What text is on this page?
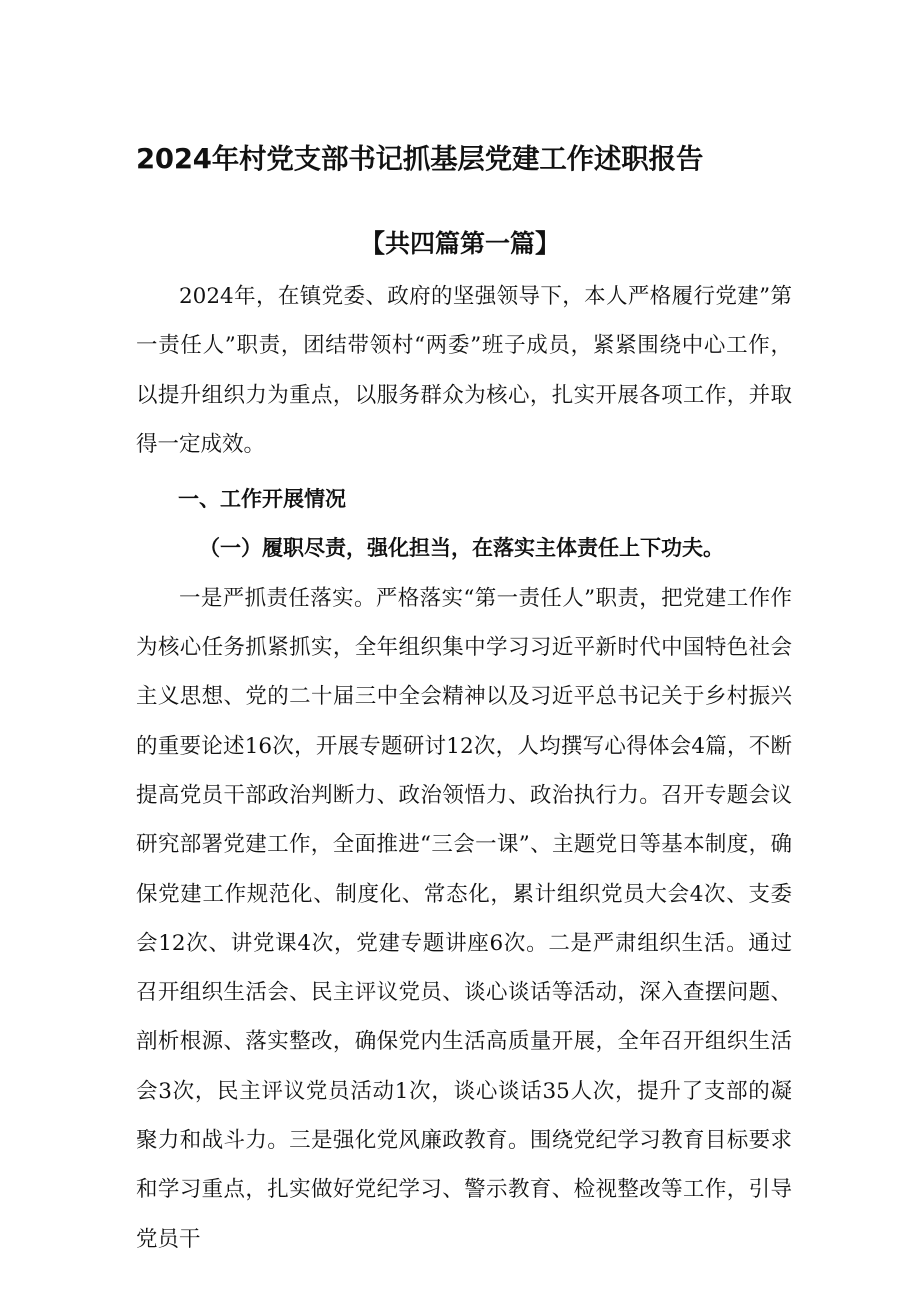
2024年村党支部书记抓基层党建工作述职报告
【共四篇第一篇】

2024年，在镇党委、政府的坚强领导下，本人严格履行党建”第一责任人”职责，团结带领村“两委”班子成员，紧紧围绕中心工作，以提升组织力为重点，以服务群众为核心，扎实开展各项工作，并取得一定成效。

一、工作开展情况

（一）履职尽责，强化担当，在落实主体责任上下功夫。

一是严抓责任落实。严格落实“第一责任人”职责，把党建工作作为核心任务抓紧抓实，全年组织集中学习习近平新时代中国特色社会主义思想、党的二十届三中全会精神以及习近平总书记关于乡村振兴的重要论述16次，开展专题研讨12次，人均撰写心得体会4篇，不断提高党员干部政治判断力、政治领悟力、政治执行力。召开专题会议研究部署党建工作，全面推进“三会一课”、主题党日等基本制度，确保党建工作规范化、制度化、常态化，累计组织党员大会4次、支委会12次、讲党课4次，党建专题讲座6次。二是严肃组织生活。通过召开组织生活会、民主评议党员、谈心谈话等活动，深入查摆问题、剖析根源、落实整改，确保党内生活高质量开展，全年召开组织生活会3次，民主评议党员活动1次，谈心谈话35人次，提升了支部的凝聚力和战斗力。三是强化党风廉政教育。围绕党纪学习教育目标要求和学习重点，扎实做好党纪学习、警示教育、检视整改等工作，引导党员干
